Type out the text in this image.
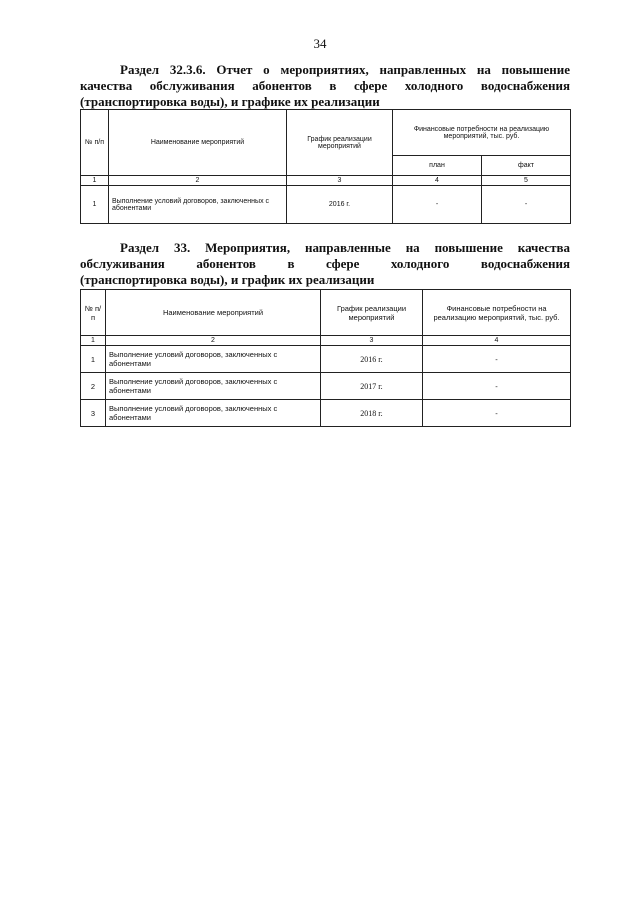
34
Раздел 32.3.6. Отчет о мероприятиях, направленных на повышение
качества обслуживания абонентов в сфере холодного водоснабжения
(транспортировка воды), и графике их реализации
№ п/п	Наименование мероприятий	График реализации мероприятий	Финансовые потребности на реализацию мероприятий, тыс. руб.	
			план	факт
1	2	3	4	5
1	Выполнение условий договоров, заключенных с абонентами	2016 г.	-	-
Раздел 33. Мероприятия, направленные на повышение качества
обслуживания абонентов в сфере холодного водоснабжения
(транспортировка воды), и график их реализации
№ п/п	Наименование мероприятий	График реализации мероприятий	Финансовые потребности на реализацию мероприятий, тыс. руб.
1	2	3	4
1	Выполнение условий договоров, заключенных с абонентами	2016 г.	-
2	Выполнение условий договоров, заключенных с абонентами	2017 г.	-
3	Выполнение условий договоров, заключенных с абонентами	2018 г.	-
